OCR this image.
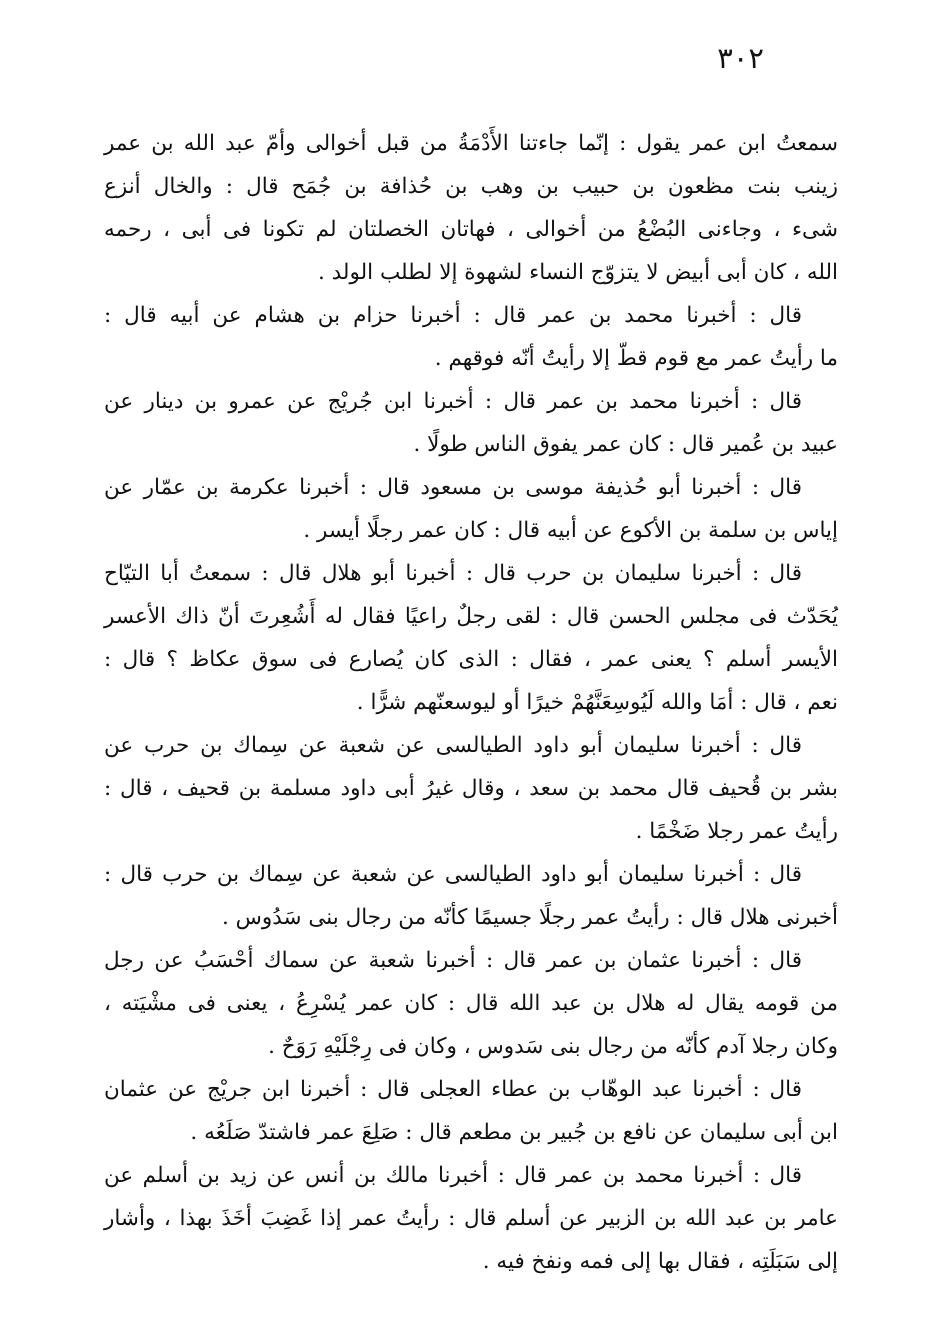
٣٠٢
سمعتُ ابن عمر يقول : إنّما جاءتنا الأَدْمَةُ من قبل أخوالى وأمّ عبد الله بن عمر
زينب بنت مظعون بن حبيب بن وهب بن حُذافة بن جُمَح قال : والخال أنزع
شىء ، وجاءنى البُضْعُ من أخوالى ، فهاتان الخصلتان لم تكونا فى أبى ، رحمه
الله ، كان أبى أبيض لا يتزوّج النساء لشهوة إلا لطلب الولد .
قال : أخبرنا محمد بن عمر قال : أخبرنا حزام بن هشام عن أبيه قال :
ما رأيتُ عمر مع قوم قطّ إلا رأيتُ أنّه فوقهم .
قال : أخبرنا محمد بن عمر قال : أخبرنا ابن جُريْج عن عمرو بن دينار عن
عبيد بن عُمير قال : كان عمر يفوق الناس طولًا .
قال : أخبرنا أبو حُذيفة موسى بن مسعود قال : أخبرنا عكرمة بن عمّار عن
إياس بن سلمة بن الأكوع عن أبيه قال : كان عمر رجلًا أيسر .
قال : أخبرنا سليمان بن حرب قال : أخبرنا أبو هلال قال : سمعتُ أبا التيّاح
يُحَدّث فى مجلس الحسن قال : لقى رجلٌ راعيًا فقال له أَشُعِرتَ أنّ ذاك الأعسر
الأيسر أسلم ؟ يعنى عمر ، فقال : الذى كان يُصارع فى سوق عكاظ ؟ قال :
نعم ، قال : أمَا والله لَيُوسِعَنَّهُمْ خيرًا أو ليوسعنّهم شرًّا .
قال : أخبرنا سليمان أبو داود الطيالسى عن شعبة عن سِماك بن حرب عن
بشر بن قُحيف قال محمد بن سعد ، وقال غيرُ أبى داود مسلمة بن قحيف ، قال :
رأيتُ عمر رجلا ضَخْمًا .
قال : أخبرنا سليمان أبو داود الطيالسى عن شعبة عن سِماك بن حرب قال :
أخبرنى هلال قال : رأيتُ عمر رجلًا جسيمًا كأنّه من رجال بنى سَدُوس .
قال : أخبرنا عثمان بن عمر قال : أخبرنا شعبة عن سماك أحْسَبُ عن رجل
من قومه يقال له هلال بن عبد الله قال : كان عمر يُسْرِعُ ، يعنى فى مشْيَته ،
وكان رجلا آدم كأنّه من رجال بنى سَدوس ، وكان فى رِجْلَيْهِ رَوَحٌ .
قال : أخبرنا عبد الوهّاب بن عطاء العجلى قال : أخبرنا ابن جريْج عن عثمان
ابن أبى سليمان عن نافع بن جُبير بن مطعم قال : صَلِعَ عمر فاشتدّ صَلَعُه .
قال : أخبرنا محمد بن عمر قال : أخبرنا مالك بن أنس عن زيد بن أسلم عن
عامر بن عبد الله بن الزبير عن أسلم قال : رأيتُ عمر إذا غَضِبَ أخَذَ بهذا ، وأشار
إلى سَبَلَتِه ، فقال بها إلى فمه ونفخ فيه .
